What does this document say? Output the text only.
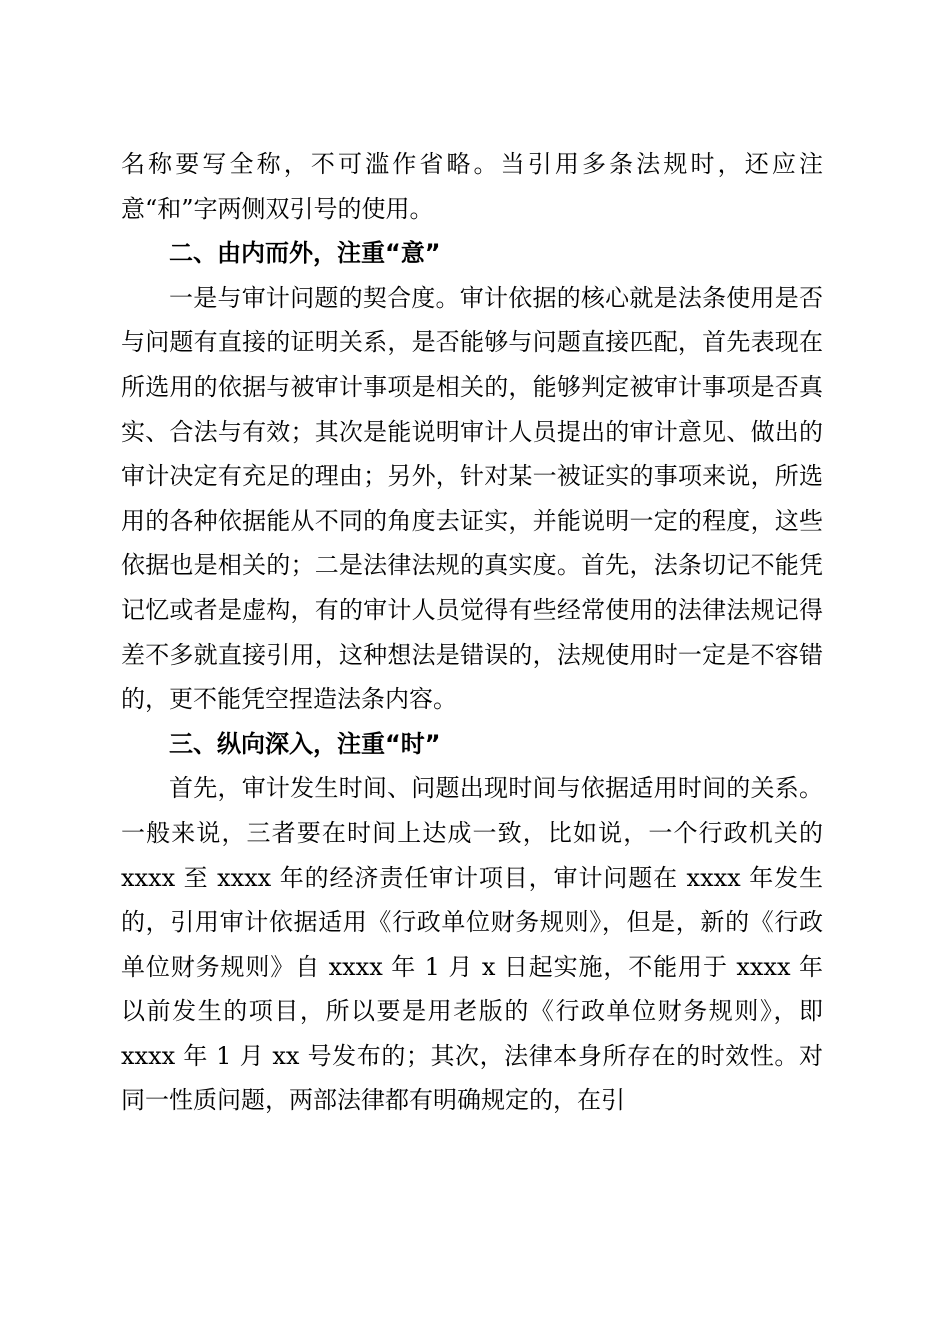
名称要写全称，不可滥作省略。当引用多条法规时，还应注意“和”字两侧双引号的使用。

二、由内而外，注重“意”

一是与审计问题的契合度。审计依据的核心就是法条使用是否与问题有直接的证明关系，是否能够与问题直接匹配，首先表现在所选用的依据与被审计事项是相关的，能够判定被审计事项是否真实、合法与有效；其次是能说明审计人员提出的审计意见、做出的审计决定有充足的理由；另外，针对某一被证实的事项来说，所选用的各种依据能从不同的角度去证实，并能说明一定的程度，这些依据也是相关的；二是法律法规的真实度。首先，法条切记不能凭记忆或者是虚构，有的审计人员觉得有些经常使用的法律法规记得差不多就直接引用，这种想法是错误的，法规使用时一定是不容错的，更不能凭空捏造法条内容。

三、纵向深入，注重“时”

首先，审计发生时间、问题出现时间与依据适用时间的关系。一般来说，三者要在时间上达成一致，比如说，一个行政机关的 xxxx 至 xxxx 年的经济责任审计项目，审计问题在 xxxx 年发生的，引用审计依据适用《行政单位财务规则》，但是，新的《行政单位财务规则》自 xxxx 年 1 月 x 日起实施，不能用于 xxxx 年以前发生的项目，所以要是用老版的《行政单位财务规则》，即 xxxx 年 1 月 xx 号发布的；其次，法律本身所存在的时效性。对同一性质问题，两部法律都有明确规定的，在引
